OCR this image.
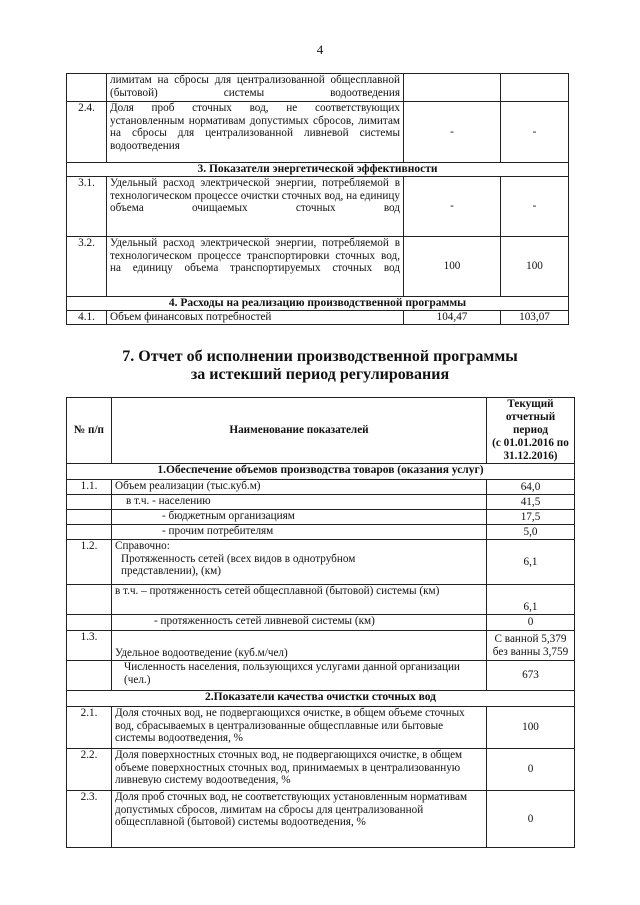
4
	лимитам на сбросы для централизованной общесплавной (бытовой) системы водоотведения		
2.4.	Доля проб сточных вод, не соответствующих установленным нормативам допустимых сбросов, лимитам на сбросы для централизованной ливневой системы водоотведения	-	-
3. Показатели энергетической эффективности			
3.1.	Удельный расход электрической энергии, потребляемой в технологическом процессе очистки сточных вод, на единицу объема очищаемых сточных вод	-	-
3.2.	Удельный расход электрической энергии, потребляемой в технологическом процессе транспортировки сточных вод, на единицу объема транспортируемых сточных вод	100	100
4. Расходы на реализацию производственной программы			
4.1.	Объем финансовых потребностей	104,47	103,07
7. Отчет об исполнении производственной программы
за истекший период регулирования
№ п/п	Наименование показателей	Текущий
отчетный период
(с 01.01.2016 по
31.12.2016)

1.Обеспечение объемов производства товаров (оказания услуг)		
1.1.	Объем реализации (тыс.куб.м)	64,0
	в т.ч. - населению	41,5
	- бюджетным организациям	17,5
	- прочим потребителям	5,0
1.2.	Справочно:
Протяженность сетей (всех видов в однотрубном представлении), (км)	6,1
	в т.ч. – протяженность сетей общесплавной (бытовой) системы (км)	6,1
	- протяженность сетей ливневой системы (км)	0
1.3.	Удельное водоотведение (куб.м/чел)	С ванной 5,379
без ванны 3,759

	Численность населения, пользующихся услугами данной организации (чел.)	673
2.Показатели качества очистки сточных вод		
2.1.	Доля сточных вод, не подвергающихся очистке, в общем объеме сточных вод, сбрасываемых в централизованные общесплавные или бытовые системы водоотведения, %	100
2.2.	Доля поверхностных сточных вод, не подвергающихся очистке, в общем объеме поверхностных сточных вод, принимаемых в централизованную ливневую систему водоотведения, %	0
2.3.	Доля проб сточных вод, не соответствующих установленным нормативам допустимых сбросов, лимитам на сбросы для централизованной общесплавной (бытовой) системы водоотведения, %	0
